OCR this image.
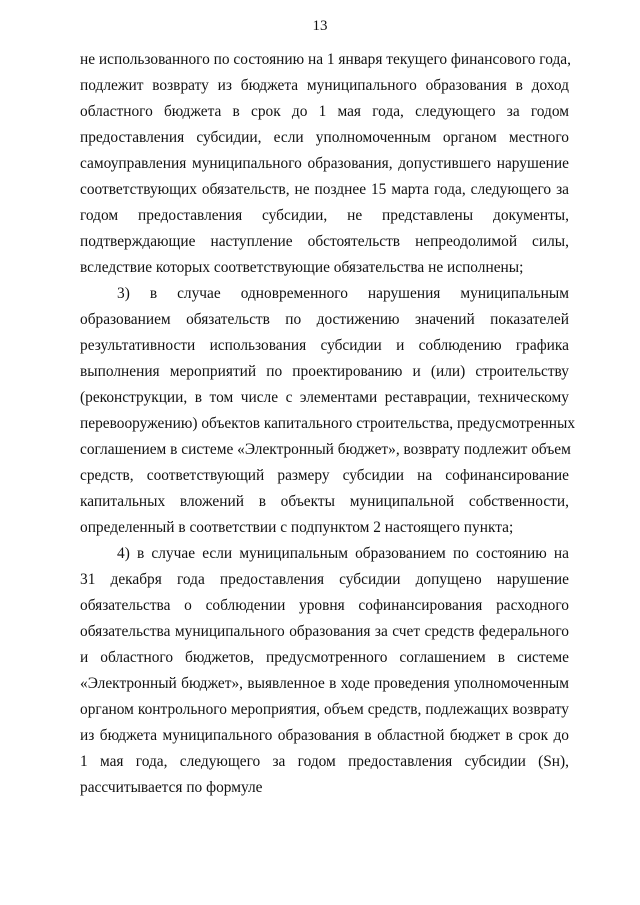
13
не использованного по состоянию на 1 января текущего финансового года,
подлежит возврату из бюджета муниципального образования в доход
областного бюджета в срок до 1 мая года, следующего за годом
предоставления субсидии, если уполномоченным органом местного
самоуправления муниципального образования, допустившего нарушение
соответствующих обязательств, не позднее 15 марта года, следующего за
годом предоставления субсидии, не представлены документы,
подтверждающие наступление обстоятельств непреодолимой силы,
вследствие которых соответствующие обязательства не исполнены;
3) в случае одновременного нарушения муниципальным
образованием обязательств по достижению значений показателей
результативности использования субсидии и соблюдению графика
выполнения мероприятий по проектированию и (или) строительству
(реконструкции, в том числе с элементами реставрации, техническому
перевооружению) объектов капитального строительства, предусмотренных
соглашением в системе «Электронный бюджет», возврату подлежит объем
средств, соответствующий размеру субсидии на софинансирование
капитальных вложений в объекты муниципальной собственности,
определенный в соответствии с подпунктом 2 настоящего пункта;
4) в случае если муниципальным образованием по состоянию на
31 декабря года предоставления субсидии допущено нарушение
обязательства о соблюдении уровня софинансирования расходного
обязательства муниципального образования за счет средств федерального
и областного бюджетов, предусмотренного соглашением в системе
«Электронный бюджет», выявленное в ходе проведения уполномоченным
органом контрольного мероприятия, объем средств, подлежащих возврату
из бюджета муниципального образования в областной бюджет в срок до
1 мая года, следующего за годом предоставления субсидии (Sн),
рассчитывается по формуле
